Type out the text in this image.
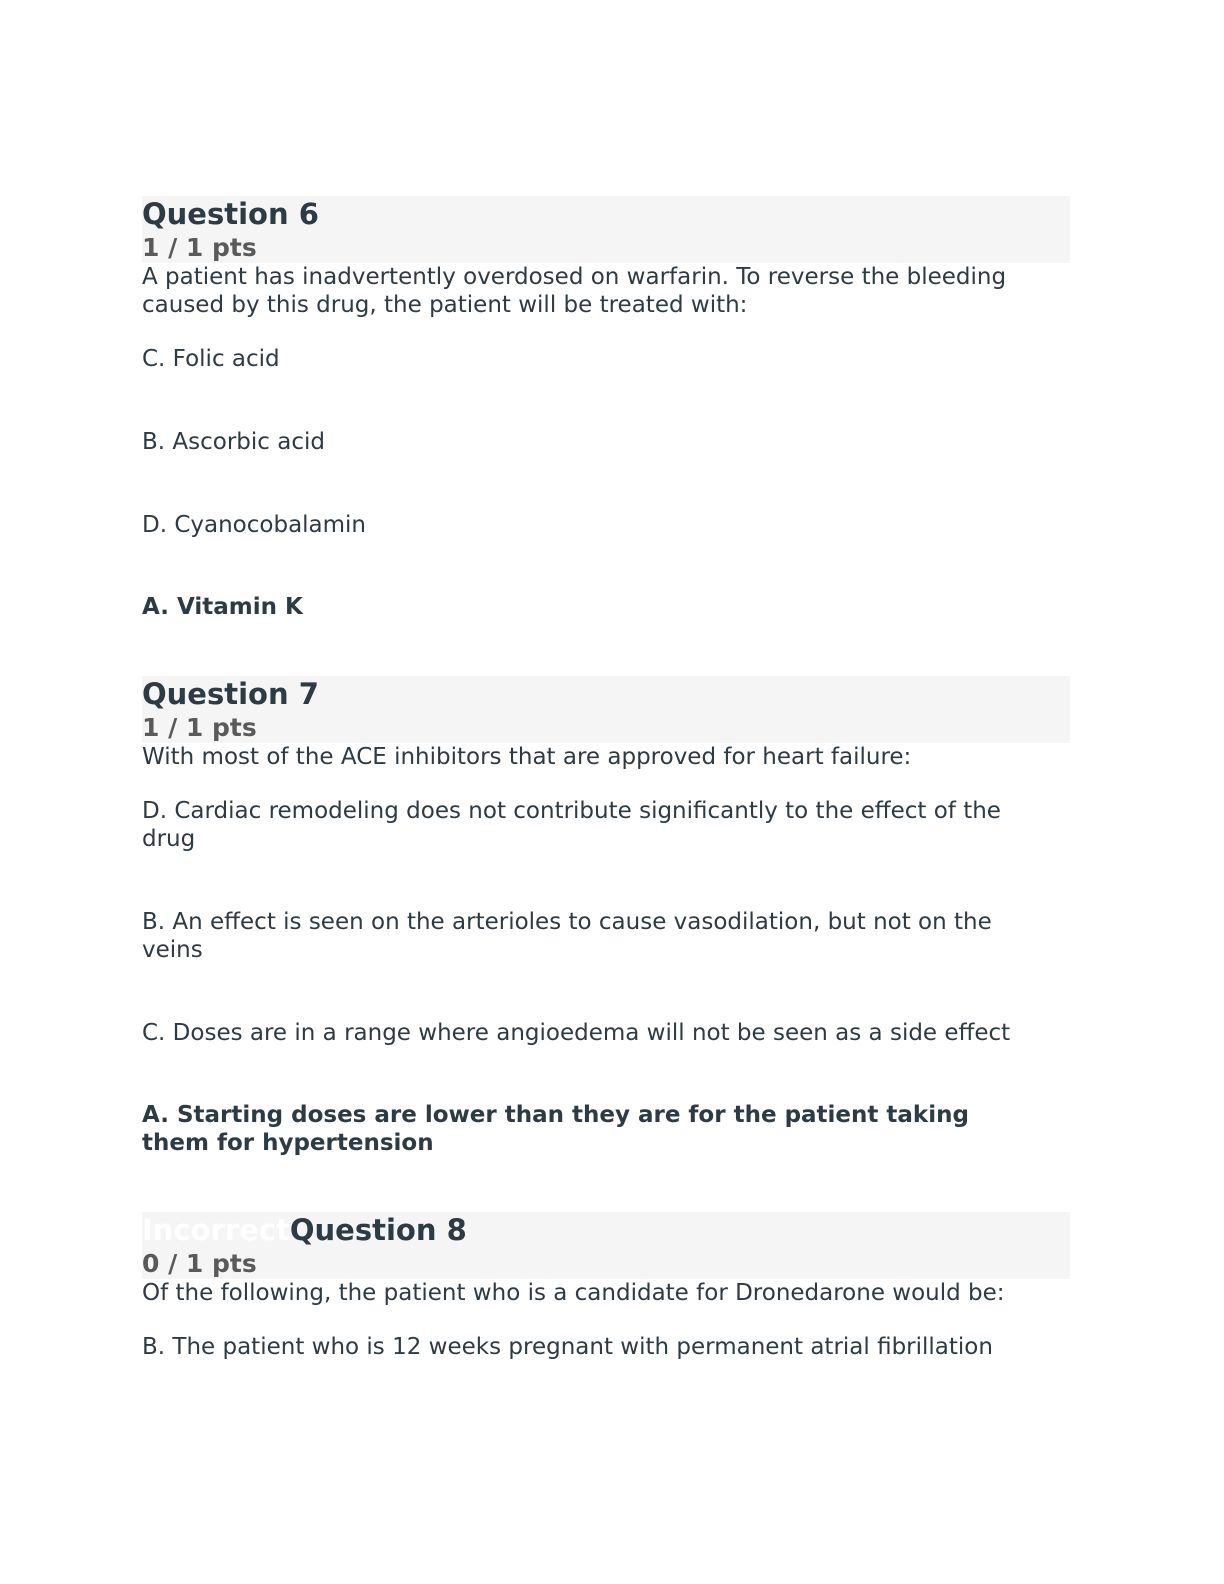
Question 6
1 / 1 pts

A patient has inadvertently overdosed on warfarin. To reverse the bleeding caused by this drug, the patient will be treated with:

C. Folic acid

B. Ascorbic acid

D. Cyanocobalamin

A. Vitamin K

Question 7
1 / 1 pts

With most of the ACE inhibitors that are approved for heart failure:

D. Cardiac remodeling does not contribute significantly to the effect of the drug

B. An effect is seen on the arterioles to cause vasodilation, but not on the veins

C. Doses are in a range where angioedema will not be seen as a side effect

A. Starting doses are lower than they are for the patient taking them for hypertension

IncorrectQuestion 8
0 / 1 pts

Of the following, the patient who is a candidate for Dronedarone would be:

B. The patient who is 12 weeks pregnant with permanent atrial fibrillation
